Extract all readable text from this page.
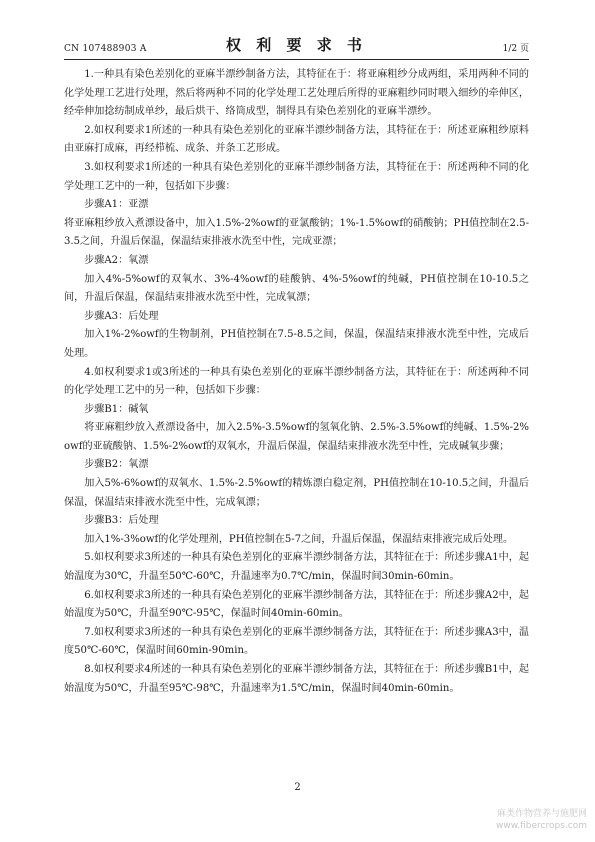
CN 107488903 A	权 利 要 求 书	1/2 页

1.一种具有染色差别化的亚麻半漂纱制备方法，其特征在于：将亚麻粗纱分成两组，采用两种不同的化学处理工艺进行处理，然后将两种不同的化学处理工艺处理后所得的亚麻粗纱同时喂入细纱的牵伸区，经牵伸加捻纺制成单纱，最后烘干、络筒成型，制得具有染色差别化的亚麻半漂纱。

2.如权利要求1所述的一种具有染色差别化的亚麻半漂纱制备方法，其特征在于：所述亚麻粗纱原料由亚麻打成麻，再经栉梳、成条、并条工艺形成。

3.如权利要求1所述的一种具有染色差别化的亚麻半漂纱制备方法，其特征在于：所述两种不同的化学处理工艺中的一种，包括如下步骤：

步骤A1：亚漂

将亚麻粗纱放入煮漂设备中，加入1.5%-2%owf的亚氯酸钠；1%-1.5%owf的硝酸钠；PH值控制在2.5-3.5之间，升温后保温，保温结束排液水洗至中性，完成亚漂；

步骤A2：氧漂

加入4%-5%owf的双氧水、3%-4%owf的硅酸钠、4%-5%owf的纯碱，PH值控制在10-10.5之间，升温后保温，保温结束排液水洗至中性，完成氧漂；

步骤A3：后处理

加入1%-2%owf的生物制剂，PH值控制在7.5-8.5之间，保温，保温结束排液水洗至中性，完成后处理。

4.如权利要求1或3所述的一种具有染色差别化的亚麻半漂纱制备方法，其特征在于：所述两种不同的化学处理工艺中的另一种，包括如下步骤：

步骤B1：碱氧

将亚麻粗纱放入煮漂设备中，加入2.5%-3.5%owf的氢氧化钠、2.5%-3.5%owf的纯碱、1.5%-2%owf的亚硫酸钠、1.5%-2%owf的双氧水，升温后保温，保温结束排液水洗至中性，完成碱氧步骤；

步骤B2：氧漂

加入5%-6%owf的双氧水、1.5%-2.5%owf的精炼漂白稳定剂，PH值控制在10-10.5之间，升温后保温，保温结束排液水洗至中性，完成氧漂；

步骤B3：后处理

加入1%-3%owf的化学处理剂，PH值控制在5-7之间，升温后保温，保温结束排液完成后处理。

5.如权利要求3所述的一种具有染色差别化的亚麻半漂纱制备方法，其特征在于：所述步骤A1中，起始温度为30℃，升温至50℃-60℃，升温速率为0.7℃/min，保温时间30min-60min。

6.如权利要求3所述的一种具有染色差别化的亚麻半漂纱制备方法，其特征在于：所述步骤A2中，起始温度为50℃，升温至90℃-95℃，保温时间40min-60min。

7.如权利要求3所述的一种具有染色差别化的亚麻半漂纱制备方法，其特征在于：所述步骤A3中，温度50℃-60℃，保温时间60min-90min。

8.如权利要求4所述的一种具有染色差别化的亚麻半漂纱制备方法，其特征在于：所述步骤B1中，起始温度为50℃，升温至95℃-98℃，升温速率为1.5℃/min，保温时间40min-60min。

2
麻类作物营养与施肥网
www.fibercrops.com
